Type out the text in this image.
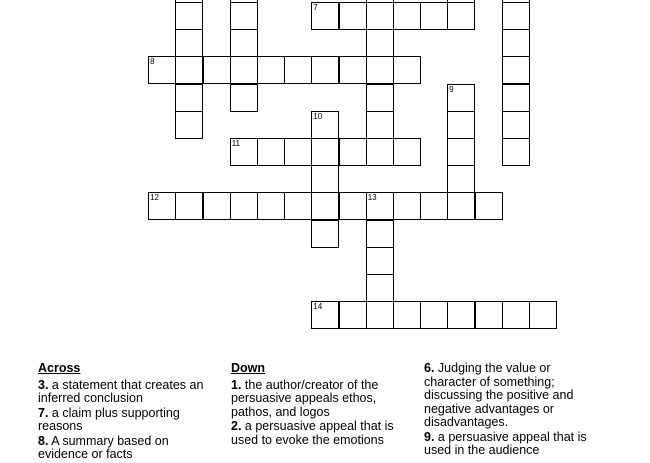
7
8
9
10
11
12	13
14
Across
3. a statement that creates an inferred conclusion
7. a claim plus supporting reasons
8. A summary based on evidence or facts
Down
1. the author/creator of the persuasive appeals ethos, pathos, and logos
2. a persuasive appeal that is used to evoke the emotions
6. Judging the value or character of something; discussing the positive and negative advantages or disadvantages.
9. a persuasive appeal that is used in the audience
